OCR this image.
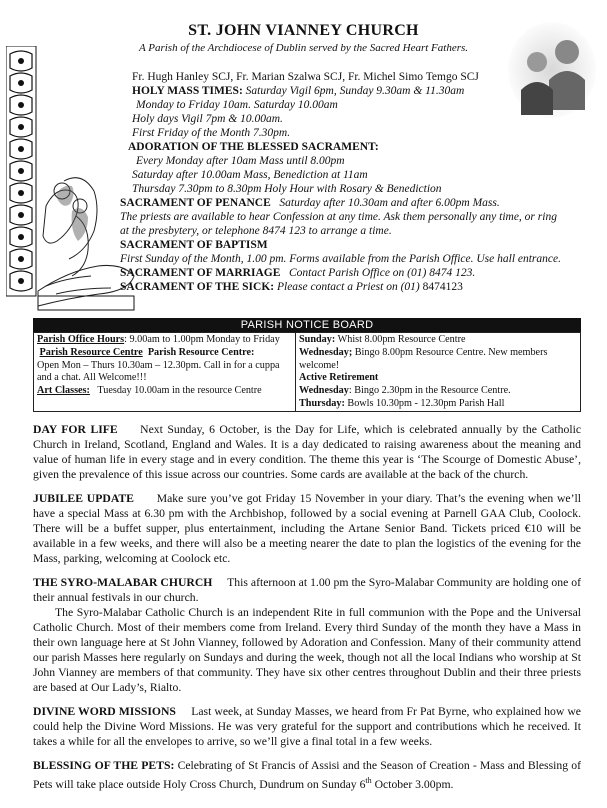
ST. JOHN VIANNEY CHURCH
A Parish of the Archdiocese of Dublin served by the Sacred Heart Fathers.
Fr. Hugh Hanley SCJ, Fr. Marian Szalwa SCJ, Fr. Michel Simo Temgo SCJ
HOLY MASS TIMES: Saturday Vigil 6pm, Sunday 9.30am & 11.30am
Monday to Friday 10am. Saturday 10.00am
Holy days Vigil 7pm & 10.00am.
First Friday of the Month 7.30pm.
ADORATION OF THE BLESSED SACRAMENT:
Every Monday after 10am Mass until 8.00pm
Saturday after 10.00am Mass, Benediction at 11am
Thursday 7.30pm to 8.30pm Holy Hour with Rosary & Benediction
SACRAMENT OF PENANCE Saturday after 10.30am and after 6.00pm Mass.
The priests are available to hear Confession at any time. Ask them personally any time, or ring
at the presbytery, or telephone 8474 123 to arrange a time.
SACRAMENT OF BAPTISM
First Sunday of the Month, 1.00 pm. Forms available from the Parish Office. Use hall entrance.
SACRAMENT OF MARRIAGE Contact Parish Office on (01) 8474 123.
SACRAMENT OF THE SICK: Please contact a Priest on (01) 8474123
PARISH NOTICE BOARD
Parish Office Hours: 9.00am to 1.00pm Monday to Friday
Parish Resource Centre Parish Resource Centre:
Open Mon – Thurs 10.30am – 12.30pm. Call in for a cuppa and a chat. All Welcome!!!
Art Classes: Tuesday 10.00am in the resource Centre
Sunday: Whist 8.00pm Resource Centre
Wednesday; Bingo 8.00pm Resource Centre. New members welcome!
Active Retirement
Wednesday: Bingo 2.30pm in the Resource Centre.
Thursday: Bowls 10.30pm - 12.30pm Parish Hall

DAY FOR LIFE Next Sunday, 6 October, is the Day for Life, which is celebrated annually by the Catholic Church in Ireland, Scotland, England and Wales. It is a day dedicated to raising awareness about the meaning and value of human life in every stage and in every condition. The theme this year is ‘The Scourge of Domestic Abuse’, given the prevalence of this issue across our countries. Some cards are available at the back of the church.

JUBILEE UPDATE Make sure you’ve got Friday 15 November in your diary. That’s the evening when we’ll have a special Mass at 6.30 pm with the Archbishop, followed by a social evening at Parnell GAA Club, Coolock. There will be a buffet supper, plus entertainment, including the Artane Senior Band. Tickets priced €10 will be available in a few weeks, and there will also be a meeting nearer the date to plan the logistics of the evening for the Mass, parking, welcoming at Coolock etc.

THE SYRO-MALABAR CHURCH This afternoon at 1.00 pm the Syro-Malabar Community are holding one of their annual festivals in our church.

The Syro-Malabar Catholic Church is an independent Rite in full communion with the Pope and the Universal Catholic Church. Most of their members come from Ireland. Every third Sunday of the month they have a Mass in their own language here at St John Vianney, followed by Adoration and Confession. Many of their community attend our parish Masses here regularly on Sundays and during the week, though not all the local Indians who worship at St John Vianney are members of that community. They have six other centres throughout Dublin and their three priests are based at Our Lady’s, Rialto.

DIVINE WORD MISSIONS Last week, at Sunday Masses, we heard from Fr Pat Byrne, who explained how we could help the Divine Word Missions. He was very grateful for the support and contributions which he received. It takes a while for all the envelopes to arrive, so we’ll give a final total in a few weeks.

BLESSING OF THE PETS: Celebrating of St Francis of Assisi and the Season of Creation - Mass and Blessing of Pets will take place outside Holy Cross Church, Dundrum on Sunday 6th October 3.00pm.
